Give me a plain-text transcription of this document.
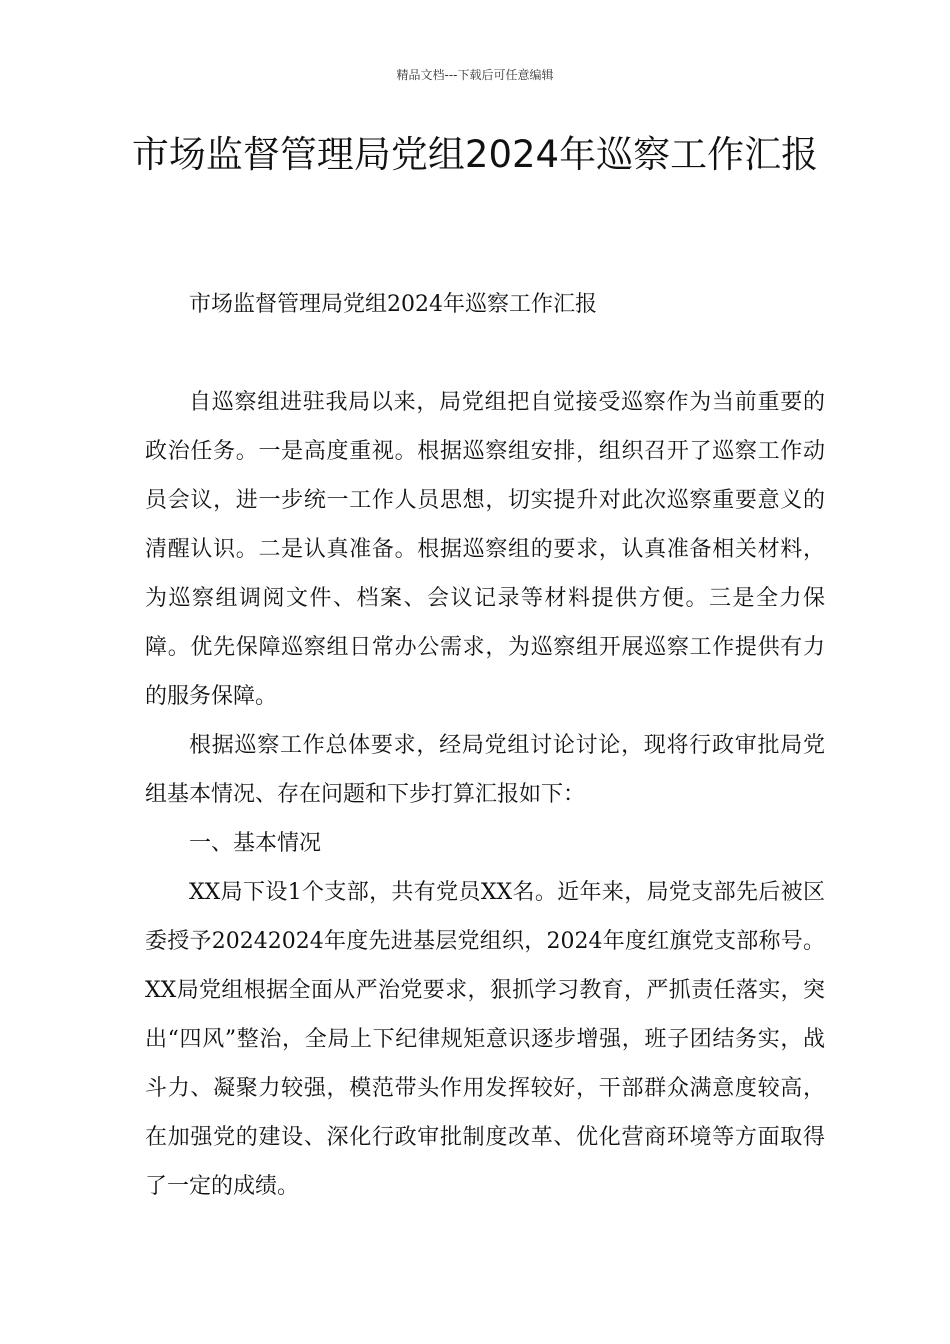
精品文档---下载后可任意编辑
市场监督管理局党组2024年巡察工作汇报

市场监督管理局党组2024年巡察工作汇报

自巡察组进驻我局以来，局党组把自觉接受巡察作为当前重要的政治任务。一是高度重视。根据巡察组安排，组织召开了巡察工作动员会议，进一步统一工作人员思想，切实提升对此次巡察重要意义的清醒认识。二是认真准备。根据巡察组的要求，认真准备相关材料，为巡察组调阅文件、档案、会议记录等材料提供方便。三是全力保障。优先保障巡察组日常办公需求，为巡察组开展巡察工作提供有力的服务保障。

根据巡察工作总体要求，经局党组讨论讨论，现将行政审批局党组基本情况、存在问题和下步打算汇报如下：

一、基本情况

XX局下设1个支部，共有党员XX名。近年来，局党支部先后被区委授予20242024年度先进基层党组织，2024年度红旗党支部称号。XX局党组根据全面从严治党要求，狠抓学习教育，严抓责任落实，突出“四风”整治，全局上下纪律规矩意识逐步增强，班子团结务实，战斗力、凝聚力较强，模范带头作用发挥较好，干部群众满意度较高，在加强党的建设、深化行政审批制度改革、优化营商环境等方面取得了一定的成绩。
